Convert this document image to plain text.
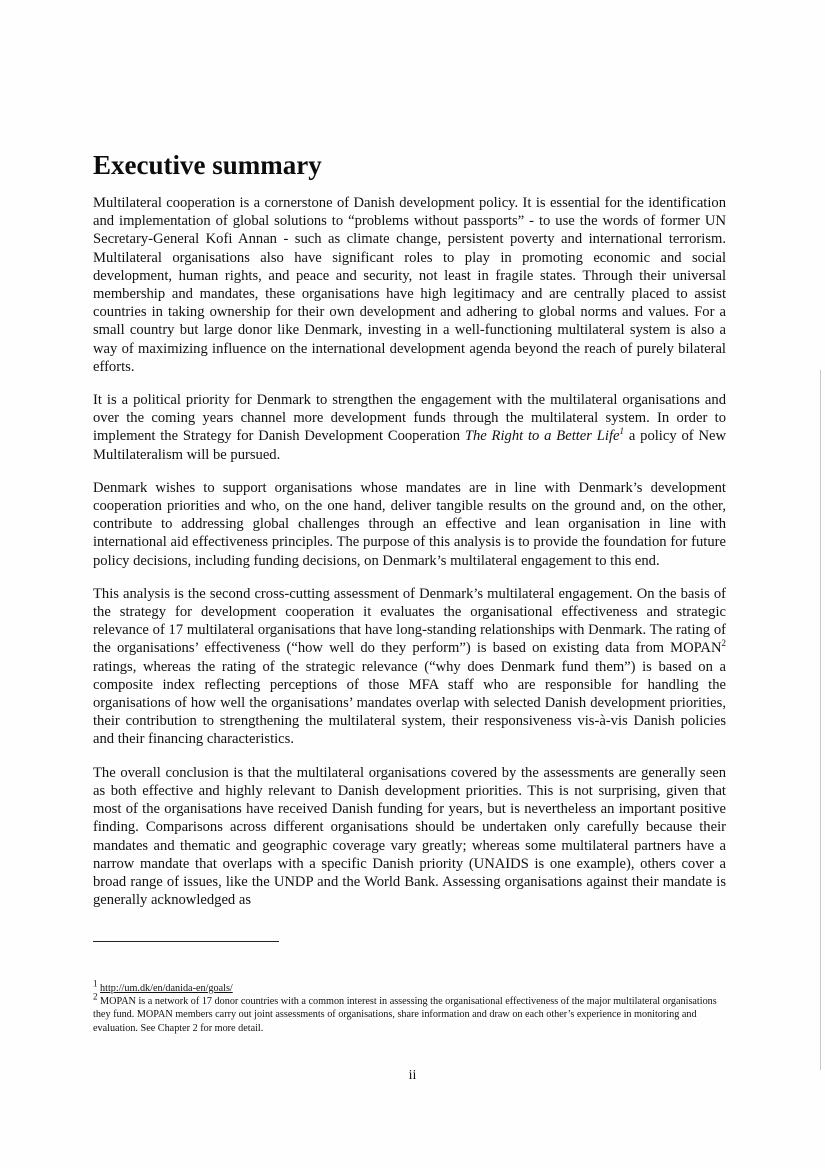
Executive summary

Multilateral cooperation is a cornerstone of Danish development policy. It is essential for the identification and implementation of global solutions to “problems without passports” - to use the words of former UN Secretary-General Kofi Annan - such as climate change, persistent poverty and international terrorism. Multilateral organisations also have significant roles to play in promoting economic and social development, human rights, and peace and security, not least in fragile states. Through their universal membership and mandates, these organisations have high legitimacy and are centrally placed to assist countries in taking ownership for their own development and adhering to global norms and values. For a small country but large donor like Denmark, investing in a well-functioning multilateral system is also a way of maximizing influence on the international development agenda beyond the reach of purely bilateral efforts.

It is a political priority for Denmark to strengthen the engagement with the multilateral organisations and over the coming years channel more development funds through the multilateral system. In order to implement the Strategy for Danish Development Cooperation The Right to a Better Life$^1$ a policy of New Multilateralism will be pursued.

Denmark wishes to support organisations whose mandates are in line with Denmark’s development cooperation priorities and who, on the one hand, deliver tangible results on the ground and, on the other, contribute to addressing global challenges through an effective and lean organisation in line with international aid effectiveness principles. The purpose of this analysis is to provide the foundation for future policy decisions, including funding decisions, on Denmark’s multilateral engagement to this end.

This analysis is the second cross-cutting assessment of Denmark’s multilateral engagement. On the basis of the strategy for development cooperation it evaluates the organisational effectiveness and strategic relevance of 17 multilateral organisations that have long-standing relationships with Denmark. The rating of the organisations’ effectiveness (“how well do they perform”) is based on existing data from MOPAN$^2$ ratings, whereas the rating of the strategic relevance (“why does Denmark fund them”) is based on a composite index reflecting perceptions of those MFA staff who are responsible for handling the organisations of how well the organisations’ mandates overlap with selected Danish development priorities, their contribution to strengthening the multilateral system, their responsiveness vis-à-vis Danish policies and their financing characteristics.

The overall conclusion is that the multilateral organisations covered by the assessments are generally seen as both effective and highly relevant to Danish development priorities. This is not surprising, given that most of the organisations have received Danish funding for years, but is nevertheless an important positive finding. Comparisons across different organisations should be undertaken only carefully because their mandates and thematic and geographic coverage vary greatly; whereas some multilateral partners have a narrow mandate that overlaps with a specific Danish priority (UNAIDS is one example), others cover a broad range of issues, like the UNDP and the World Bank. Assessing organisations against their mandate is generally acknowledged as

$^1$ http://um.dk/en/danida-en/goals/

$^2$ MOPAN is a network of 17 donor countries with a common interest in assessing the organisational effectiveness of the major multilateral organisations they fund. MOPAN members carry out joint assessments of organisations, share information and draw on each other’s experience in monitoring and evaluation. See Chapter 2 for more detail.

ii
